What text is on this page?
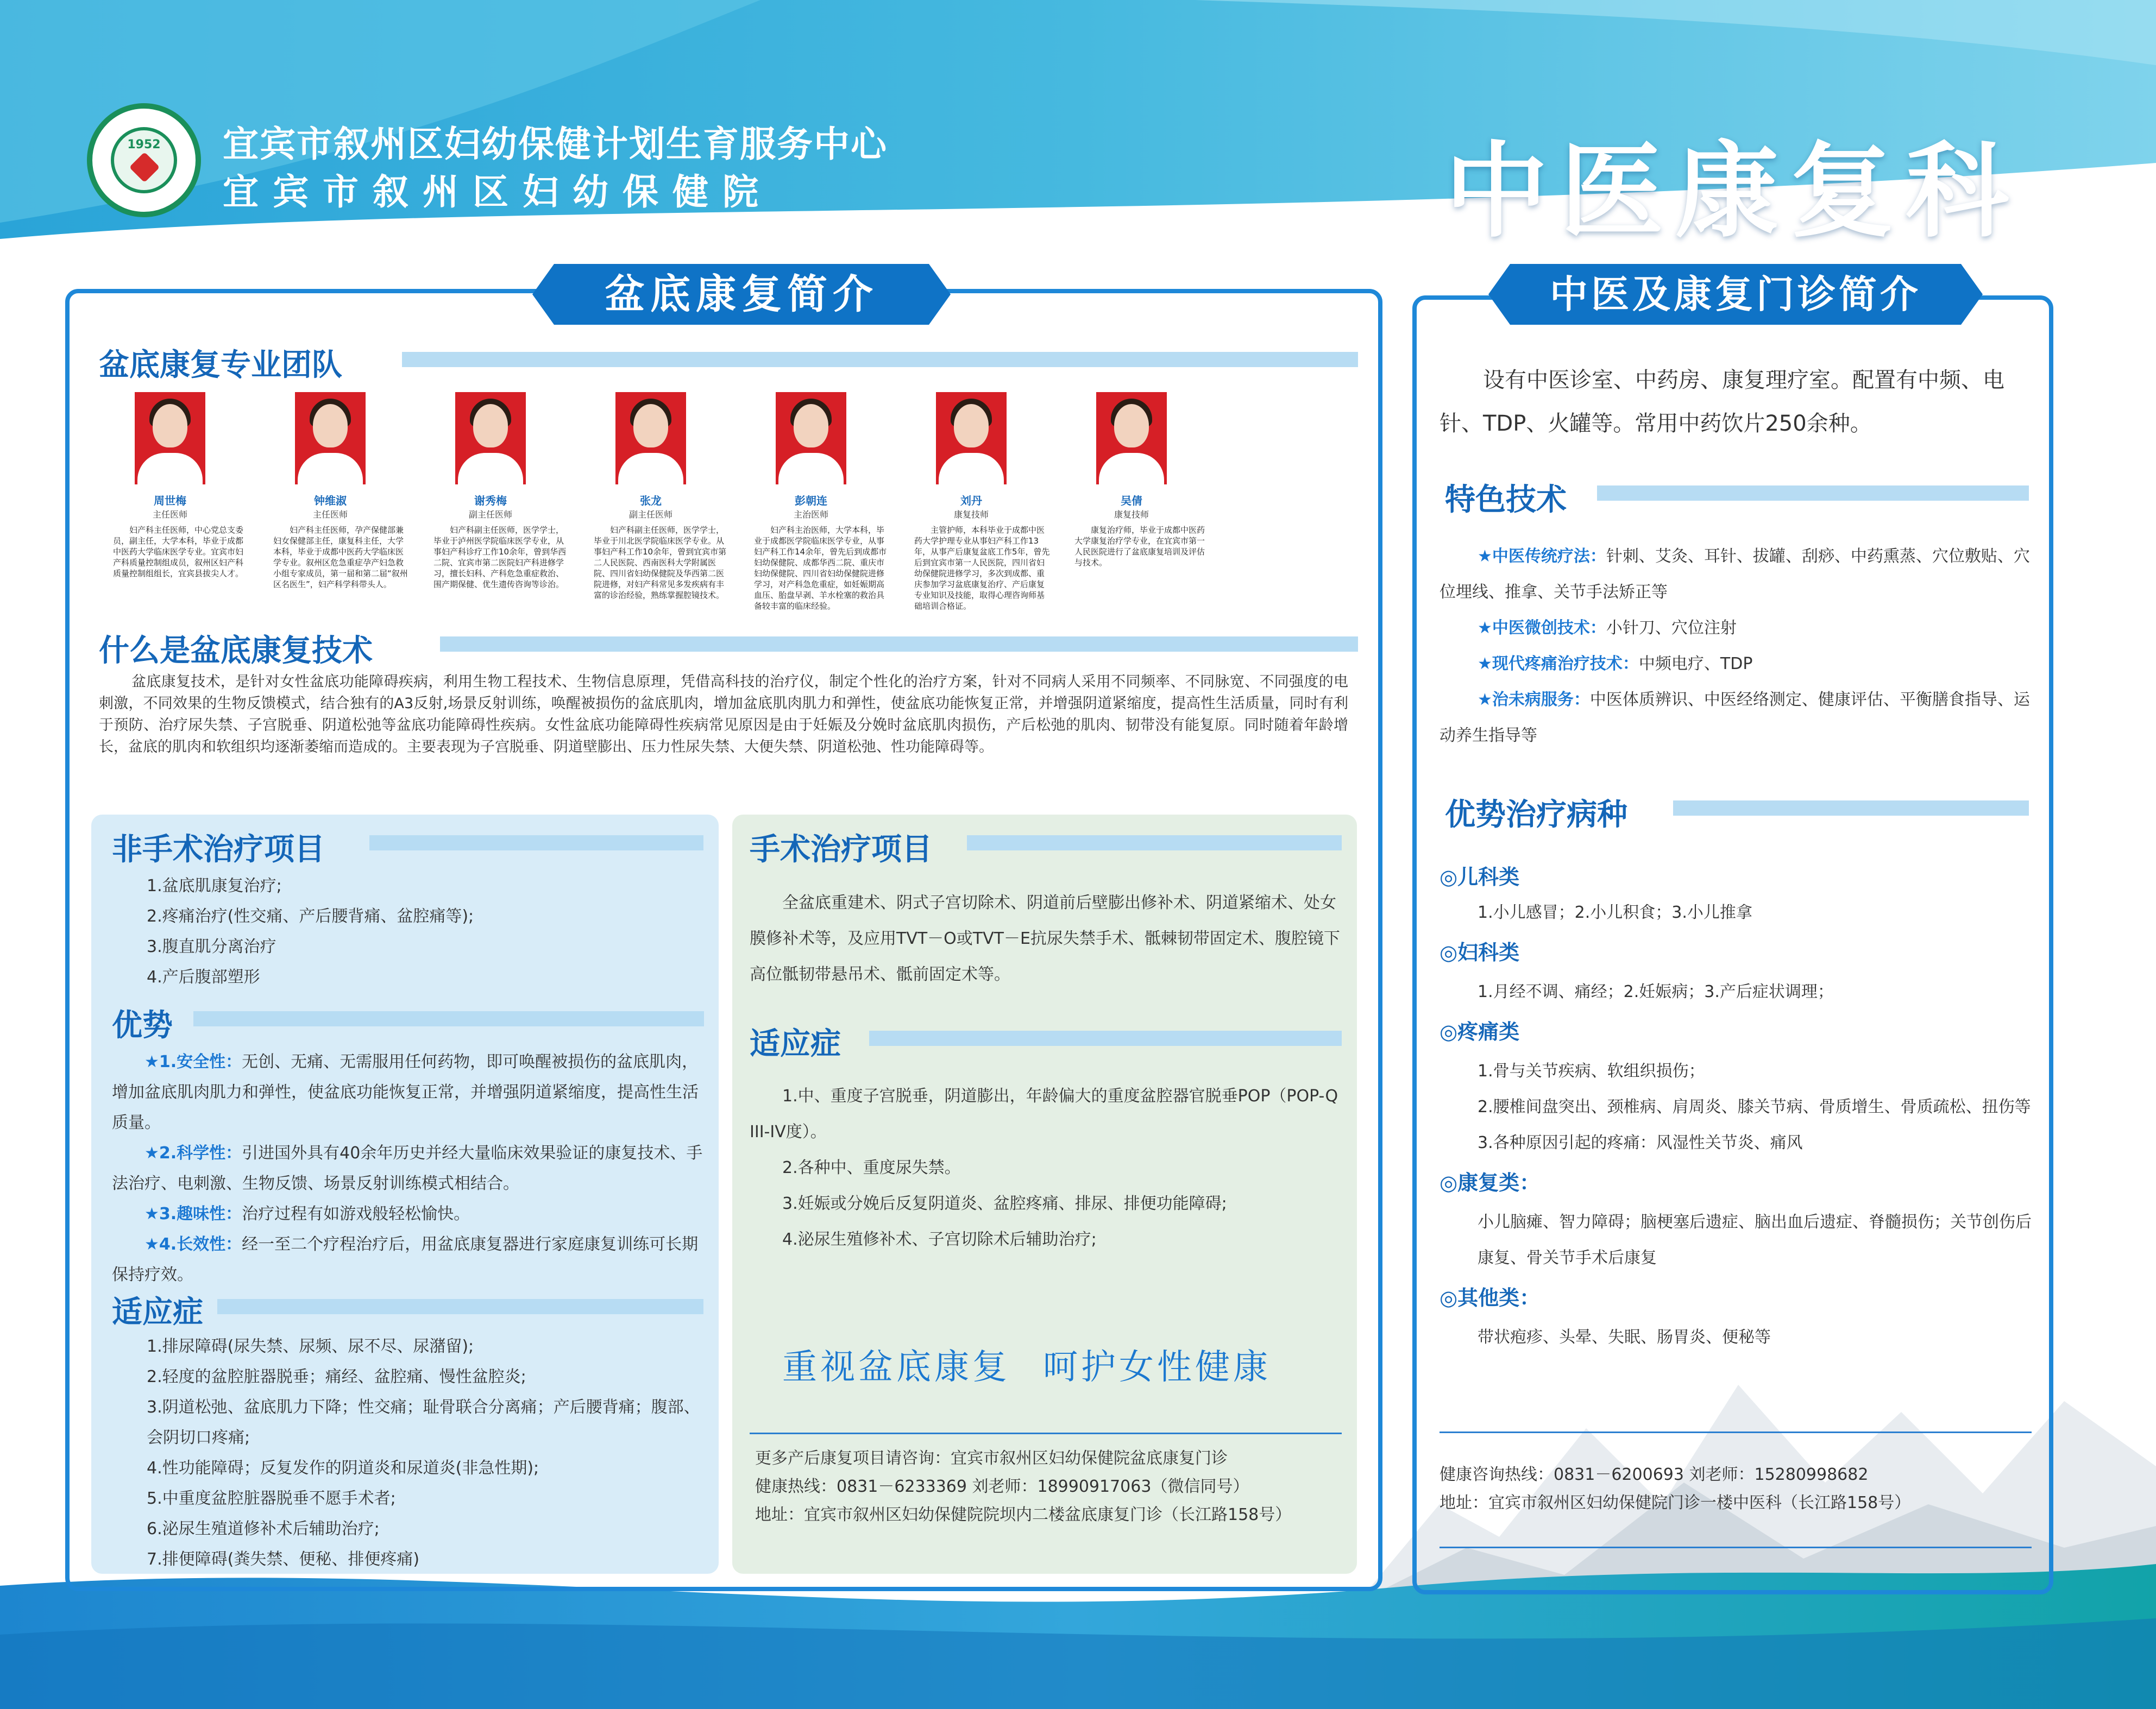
1952	宜宾市叙州区妇幼保健计划生育服务中心
宜宾市叙州区妇幼保健院	中医康复科
盆底康复简介
盆底康复专业团队
周世梅
主任医师
妇产科主任医师，中心党总支委员，副主任，大学本科，毕业于成都中医药大学临床医学专业。宜宾市妇产科质量控制组成员，叙州区妇产科质量控制组组长，宜宾县拔尖人才。
钟维淑
主任医师
妇产科主任医师，孕产保健部兼妇女保健部主任，康复科主任，大学本科，毕业于成都中医药大学临床医学专业。叙州区危急重症孕产妇急救小组专家成员，第一届和第二届“叙州区名医生”，妇产科学科带头人。
谢秀梅
副主任医师
妇产科副主任医师，医学学士，毕业于泸州医学院临床医学专业，从事妇产科诊疗工作10余年，曾到华西二院、宜宾市第二医院妇产科进修学习，擅长妇科、产科危急重症救治、围产期保健、优生遗传咨询等诊治。
张龙
副主任医师
妇产科副主任医师，医学学士，毕业于川北医学院临床医学专业。从事妇产科工作10余年，曾到宜宾市第二人民医院、西南医科大学附属医院、四川省妇幼保健院及华西第二医院进修，对妇产科常见多发疾病有丰富的诊治经验，熟练掌握腔镜技术。
彭朝连
主治医师
妇产科主治医师，大学本科，毕业于成都医学院临床医学专业，从事妇产科工作14余年，曾先后到成都市妇幼保健院、成都华西二院、重庆市妇幼保健院、四川省妇幼保健院进修学习，对产科急危重症，如妊娠期高血压、胎盘早剥、羊水栓塞的救治具备较丰富的临床经验。
刘丹
康复技师
主管护师，本科毕业于成都中医药大学护理专业从事妇产科工作13年，从事产后康复盆底工作5年，曾先后到宜宾市第一人民医院，四川省妇幼保健院进修学习，多次到成都、重庆参加学习盆底康复治疗、产后康复专业知识及技能，取得心理咨询师基础培训合格证。
吴倩
康复技师
康复治疗师，毕业于成都中医药大学康复治疗学专业，在宜宾市第一人民医院进行了盆底康复培训及评估与技术。
什么是盆底康复技术
盆底康复技术，是针对女性盆底功能障碍疾病，利用生物工程技术、生物信息原理，凭借高科技的治疗仪，制定个性化的治疗方案，针对不同病人采用不同频率、不同脉宽、不同强度的电刺激，不同效果的生物反馈模式，结合独有的A3反射,场景反射训练，唤醒被损伤的盆底肌肉，增加盆底肌肉肌力和弹性，使盆底功能恢复正常，并增强阴道紧缩度，提高性生活质量，同时有利于预防、治疗尿失禁、子宫脱垂、阴道松弛等盆底功能障碍性疾病。女性盆底功能障碍性疾病常见原因是由于妊娠及分娩时盆底肌肉损伤，产后松弛的肌肉、韧带没有能复原。同时随着年龄增长，盆底的肌肉和软组织均逐渐萎缩而造成的。主要表现为子宫脱垂、阴道壁膨出、压力性尿失禁、大便失禁、阴道松弛、性功能障碍等。
非手术治疗项目
1.盆底肌康复治疗;
2.疼痛治疗(性交痛、产后腰背痛、盆腔痛等);
3.腹直肌分离治疗
4.产后腹部塑形
优势
★1.安全性：无创、无痛、无需服用任何药物，即可唤醒被损伤的盆底肌肉，增加盆底肌肉肌力和弹性，使盆底功能恢复正常，并增强阴道紧缩度，提高性生活质量。
★2.科学性：引进国外具有40余年历史并经大量临床效果验证的康复技术、手法治疗、电刺激、生物反馈、场景反射训练模式相结合。
★3.趣味性：治疗过程有如游戏般轻松愉快。
★4.长效性：经一至二个疗程治疗后，用盆底康复器进行家庭康复训练可长期保持疗效。
适应症
1.排尿障碍(尿失禁、尿频、尿不尽、尿潴留);
2.轻度的盆腔脏器脱垂；痛经、盆腔痛、慢性盆腔炎;
3.阴道松弛、盆底肌力下降；性交痛；耻骨联合分离痛；产后腰背痛；腹部、会阴切口疼痛;
4.性功能障碍；反复发作的阴道炎和尿道炎(非急性期);
5.中重度盆腔脏器脱垂不愿手术者;
6.泌尿生殖道修补术后辅助治疗;
7.排便障碍(粪失禁、便秘、排便疼痛)
手术治疗项目
全盆底重建术、阴式子宫切除术、阴道前后壁膨出修补术、阴道紧缩术、处女膜修补术等，及应用TVT－O或TVT－E抗尿失禁手术、骶棘韧带固定术、腹腔镜下高位骶韧带悬吊术、骶前固定术等。
适应症
1.中、重度子宫脱垂，阴道膨出，年龄偏大的重度盆腔器官脱垂POP（POP-Q III-IV度）。
2.各种中、重度尿失禁。
3.妊娠或分娩后反复阴道炎、盆腔疼痛、排尿、排便功能障碍;
4.泌尿生殖修补术、子宫切除术后辅助治疗;
重视盆底康复 呵护女性健康
更多产后康复项目请咨询：宜宾市叙州区妇幼保健院盆底康复门诊
健康热线：0831－6233369 刘老师：18990917063（微信同号）
地址：宜宾市叙州区妇幼保健院院坝内二楼盆底康复门诊（长江路158号）
中医及康复门诊简介
设有中医诊室、中药房、康复理疗室。配置有中频、电针、TDP、火罐等。常用中药饮片250余种。
特色技术
★中医传统疗法：针刺、艾灸、耳针、拔罐、刮痧、中药熏蒸、穴位敷贴、穴位埋线、推拿、关节手法矫正等
★中医微创技术：小针刀、穴位注射
★现代疼痛治疗技术：中频电疗、TDP
★治未病服务：中医体质辨识、中医经络测定、健康评估、平衡膳食指导、运动养生指导等
优势治疗病种
◎儿科类
1.小儿感冒；2.小儿积食；3.小儿推拿
◎妇科类
1.月经不调、痛经；2.妊娠病；3.产后症状调理；
◎疼痛类
1.骨与关节疾病、软组织损伤；
2.腰椎间盘突出、颈椎病、肩周炎、膝关节病、骨质增生、骨质疏松、扭伤等
3.各种原因引起的疼痛：风湿性关节炎、痛风
◎康复类：
小儿脑瘫、智力障碍；脑梗塞后遗症、脑出血后遗症、脊髓损伤；关节创伤后康复、骨关节手术后康复
◎其他类：
带状疱疹、头晕、失眠、肠胃炎、便秘等
健康咨询热线：0831－6200693 刘老师：15280998682
地址：宜宾市叙州区妇幼保健院门诊一楼中医科（长江路158号）
